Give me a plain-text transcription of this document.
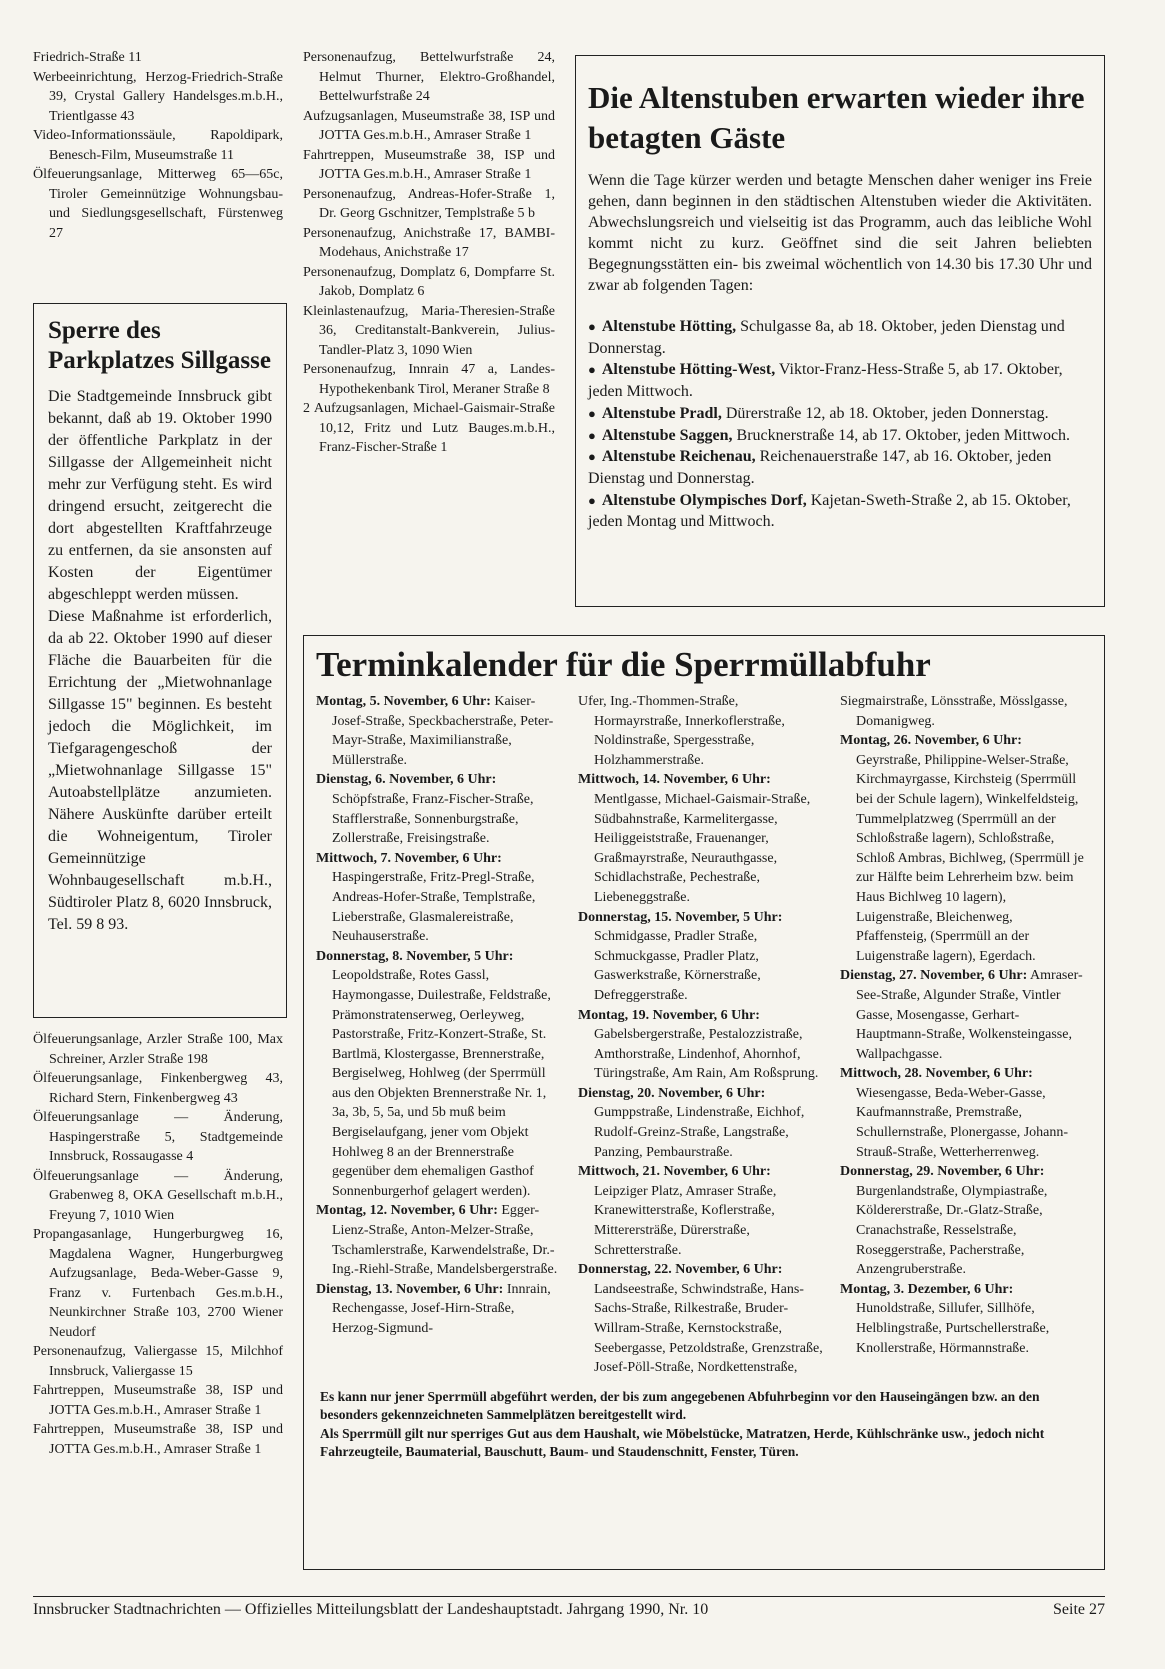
Friedrich-Straße 11

Werbeeinrichtung, Herzog-Friedrich-Straße 39, Crystal Gallery Handelsges.m.b.H., Trientlgasse 43

Video-Informationssäule, Rapoldipark, Benesch-Film, Museumstraße 11

Ölfeuerungsanlage, Mitterweg 65—65c, Tiroler Gemeinnützige Wohnungsbau- und Siedlungsgesellschaft, Fürstenweg 27

Sperre des Parkplatzes Sillgasse

Die Stadtgemeinde Innsbruck gibt bekannt, daß ab 19. Oktober 1990 der öffentliche Parkplatz in der Sillgasse der Allgemeinheit nicht mehr zur Verfügung steht. Es wird dringend ersucht, zeitgerecht die dort abgestellten Kraftfahrzeuge zu entfernen, da sie ansonsten auf Kosten der Eigentümer abgeschleppt werden müssen.

Diese Maßnahme ist erforderlich, da ab 22. Oktober 1990 auf dieser Fläche die Bauarbeiten für die Errichtung der „Mietwohnanlage Sillgasse 15" beginnen. Es besteht jedoch die Möglichkeit, im Tiefgaragengeschoß der „Mietwohnanlage Sillgasse 15" Autoabstellplätze anzumieten. Nähere Auskünfte darüber erteilt die Wohneigentum, Tiroler Gemeinnützige Wohnbaugesellschaft m.b.H., Südtiroler Platz 8, 6020 Innsbruck, Tel. 59 8 93.

Ölfeuerungsanlage, Arzler Straße 100, Max Schreiner, Arzler Straße 198

Ölfeuerungsanlage, Finkenbergweg 43, Richard Stern, Finkenbergweg 43

Ölfeuerungsanlage — Änderung, Haspingerstraße 5, Stadtgemeinde Innsbruck, Rossaugasse 4

Ölfeuerungsanlage — Änderung, Grabenweg 8, OKA Gesellschaft m.b.H., Freyung 7, 1010 Wien

Propangasanlage, Hungerburgweg 16, Magdalena Wagner, Hungerburgweg Aufzugsanlage, Beda-Weber-Gasse 9, Franz v. Furtenbach Ges.m.b.H., Neunkirchner Straße 103, 2700 Wiener Neudorf

Personenaufzug, Valiergasse 15, Milchhof Innsbruck, Valiergasse 15

Fahrtreppen, Museumstraße 38, ISP und JOTTA Ges.m.b.H., Amraser Straße 1

Fahrtreppen, Museumstraße 38, ISP und JOTTA Ges.m.b.H., Amraser Straße 1

Personenaufzug, Bettelwurfstraße 24, Helmut Thurner, Elektro-Großhandel, Bettelwurfstraße 24

Aufzugsanlagen, Museumstraße 38, ISP und JOTTA Ges.m.b.H., Amraser Straße 1

Fahrtreppen, Museumstraße 38, ISP und JOTTA Ges.m.b.H., Amraser Straße 1

Personenaufzug, Andreas-Hofer-Straße 1, Dr. Georg Gschnitzer, Templstraße 5 b

Personenaufzug, Anichstraße 17, BAMBI-Modehaus, Anichstraße 17

Personenaufzug, Domplatz 6, Dompfarre St. Jakob, Domplatz 6

Kleinlastenaufzug, Maria-Theresien-Straße 36, Creditanstalt-Bankverein, Julius-Tandler-Platz 3, 1090 Wien

Personenaufzug, Innrain 47 a, Landes-Hypothekenbank Tirol, Meraner Straße 8

2 Aufzugsanlagen, Michael-Gaismair-Straße 10,12, Fritz und Lutz Bauges.m.b.H., Franz-Fischer-Straße 1

Die Altenstuben erwarten wieder ihre betagten Gäste

Wenn die Tage kürzer werden und betagte Menschen daher weniger ins Freie gehen, dann beginnen in den städtischen Altenstuben wieder die Aktivitäten. Abwechslungsreich und vielseitig ist das Programm, auch das leibliche Wohl kommt nicht zu kurz. Geöffnet sind die seit Jahren beliebten Begegnungsstätten ein- bis zweimal wöchentlich von 14.30 bis 17.30 Uhr und zwar ab folgenden Tagen:

● Altenstube Hötting, Schulgasse 8a, ab 18. Oktober, jeden Dienstag und Donnerstag.

● Altenstube Hötting-West, Viktor-Franz-Hess-Straße 5, ab 17. Oktober, jeden Mittwoch.

● Altenstube Pradl, Dürerstraße 12, ab 18. Oktober, jeden Donnerstag.

● Altenstube Saggen, Brucknerstraße 14, ab 17. Oktober, jeden Mittwoch.

● Altenstube Reichenau, Reichenauerstraße 147, ab 16. Oktober, jeden Dienstag und Donnerstag.

● Altenstube Olympisches Dorf, Kajetan-Sweth-Straße 2, ab 15. Oktober, jeden Montag und Mittwoch.

Terminkalender für die Sperrmüllabfuhr

Montag, 5. November, 6 Uhr: Kaiser-Josef-Straße, Speckbacherstraße, Peter-Mayr-Straße, Maximilianstraße, Müllerstraße.

Dienstag, 6. November, 6 Uhr: Schöpfstraße, Franz-Fischer-Straße, Stafflerstraße, Sonnenburgstraße, Zollerstraße, Freisingstraße.

Mittwoch, 7. November, 6 Uhr: Haspingerstraße, Fritz-Pregl-Straße, Andreas-Hofer-Straße, Templstraße, Lieberstraße, Glasmalereistraße, Neuhauserstraße.

Donnerstag, 8. November, 5 Uhr: Leopoldstraße, Rotes Gassl, Haymongasse, Duilestraße, Feldstraße, Prämonstratenserweg, Oerleyweg, Pastorstraße, Fritz-Konzert-Straße, St. Bartlmä, Klostergasse, Brennerstraße, Bergiselweg, Hohlweg (der Sperrmüll aus den Objekten Brennerstraße Nr. 1, 3a, 3b, 5, 5a, und 5b muß beim Bergiselaufgang, jener vom Objekt Hohlweg 8 an der Brennerstraße gegenüber dem ehemaligen Gasthof Sonnenburgerhof gelagert werden).

Montag, 12. November, 6 Uhr: Egger-Lienz-Straße, Anton-Melzer-Straße, Tschamlerstraße, Karwendelstraße, Dr.-Ing.-Riehl-Straße, Mandelsbergerstraße.

Dienstag, 13. November, 6 Uhr: Innrain, Rechengasse, Josef-Hirn-Straße, Herzog-Sigmund-

Ufer, Ing.-Thommen-Straße, Hormayrstraße, Innerkoflerstraße, Noldinstraße, Spergesstraße, Holzhammerstraße.

Mittwoch, 14. November, 6 Uhr: Mentlgasse, Michael-Gaismair-Straße, Südbahnstraße, Karmelitergasse, Heiliggeiststraße, Frauenanger, Graßmayrstraße, Neurauthgasse, Schidlachstraße, Pechestraße, Liebeneggstraße.

Donnerstag, 15. November, 5 Uhr: Schmidgasse, Pradler Straße, Schmuckgasse, Pradler Platz, Gaswerkstraße, Körnerstraße, Defreggerstraße.

Montag, 19. November, 6 Uhr: Gabelsbergerstraße, Pestalozzistraße, Amthorstraße, Lindenhof, Ahornhof, Türingstraße, Am Rain, Am Roßsprung.

Dienstag, 20. November, 6 Uhr: Gumppstraße, Lindenstraße, Eichhof, Rudolf-Greinz-Straße, Langstraße, Panzing, Pembaurstraße.

Mittwoch, 21. November, 6 Uhr: Leipziger Platz, Amraser Straße, Kranewitterstraße, Koflerstraße, Mitterersträße, Dürerstraße, Schretterstraße.

Donnerstag, 22. November, 6 Uhr: Landseestraße, Schwindstraße, Hans-Sachs-Straße, Rilkestraße, Bruder-Willram-Straße, Kernstockstraße, Seebergasse, Petzoldstraße, Grenzstraße, Josef-Pöll-Straße, Nordkettenstraße,

Siegmairstraße, Lönsstraße, Mösslgasse, Domanigweg.

Montag, 26. November, 6 Uhr: Geyrstraße, Philippine-Welser-Straße, Kirchmayrgasse, Kirchsteig (Sperrmüll bei der Schule lagern), Winkelfeldsteig, Tummelplatzweg (Sperrmüll an der Schloßstraße lagern), Schloßstraße, Schloß Ambras, Bichlweg, (Sperrmüll je zur Hälfte beim Lehrerheim bzw. beim Haus Bichlweg 10 lagern), Luigenstraße, Bleichenweg, Pfaffensteig, (Sperrmüll an der Luigenstraße lagern), Egerdach.

Dienstag, 27. November, 6 Uhr: Amraser-See-Straße, Algunder Straße, Vintler Gasse, Mosengasse, Gerhart-Hauptmann-Straße, Wolkensteingasse, Wallpachgasse.

Mittwoch, 28. November, 6 Uhr: Wiesengasse, Beda-Weber-Gasse, Kaufmannstraße, Premstraße, Schullernstraße, Plonergasse, Johann-Strauß-Straße, Wetterherrenweg.

Donnerstag, 29. November, 6 Uhr: Burgenlandstraße, Olympiastraße, Köldererstraße, Dr.-Glatz-Straße, Cranachstraße, Resselstraße, Roseggerstraße, Pacherstraße, Anzengruberstraße.

Montag, 3. Dezember, 6 Uhr: Hunoldstraße, Sillufer, Sillhöfe, Helblingstraße, Purtschellerstraße, Knollerstraße, Hörmannstraße.

Es kann nur jener Sperrmüll abgeführt werden, der bis zum angegebenen Abfuhrbeginn vor den Hauseingängen bzw. an den besonders gekennzeichneten Sammelplätzen bereitgestellt wird.

Als Sperrmüll gilt nur sperriges Gut aus dem Haushalt, wie Möbelstücke, Matratzen, Herde, Kühlschränke usw., jedoch nicht Fahrzeugteile, Baumaterial, Bauschutt, Baum- und Staudenschnitt, Fenster, Türen.

Innsbrucker Stadtnachrichten — Offizielles Mitteilungsblatt der Landeshauptstadt. Jahrgang 1990, Nr. 10	Seite 27
